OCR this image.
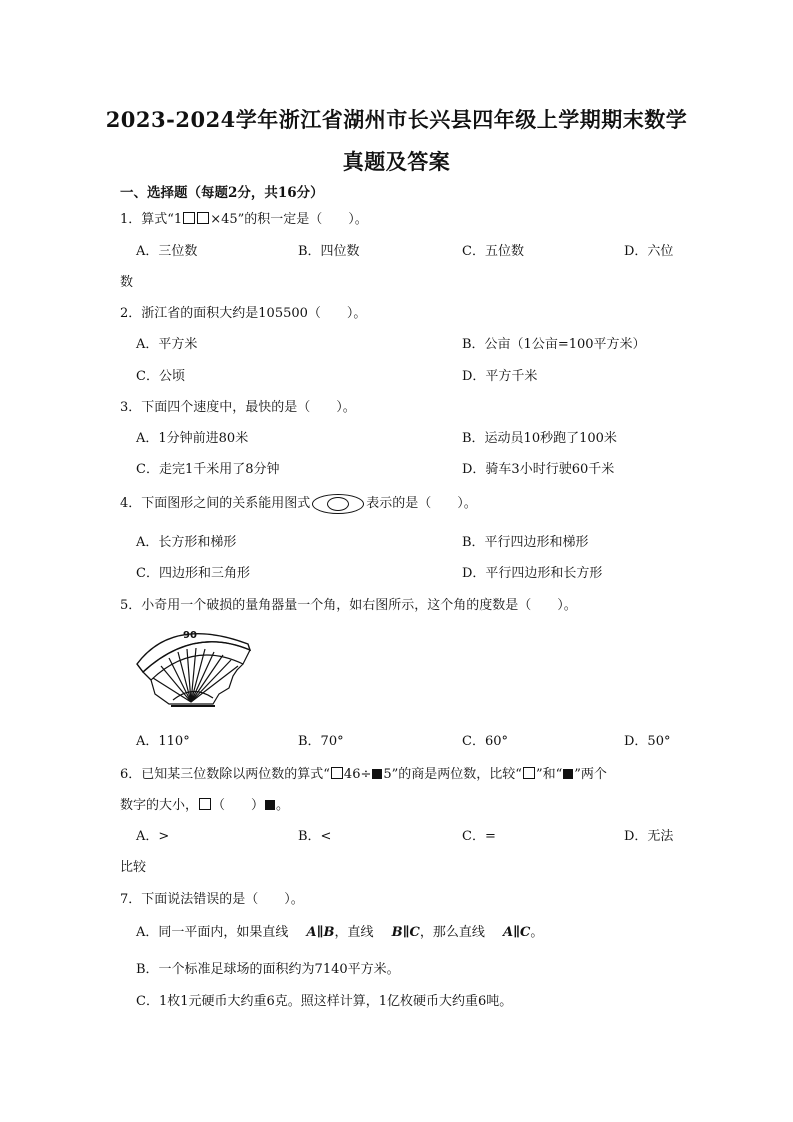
2023-2024学年浙江省湖州市长兴县四年级上学期期末数学
真题及答案
一、选择题（每题2分，共16分）
1．算式“1 ×45”的积一定是（　　）。
A．三位数	B．四位数	C．五位数	D．六位
数
2．浙江省的面积大约是105500（　　）。
A．平方米	B．公亩（1公亩=100平方米）
C．公顷	D．平方千米
3．下面四个速度中，最快的是（　　）。
A．1分钟前进80米	B．运动员10秒跑了100米
C．走完1千米用了8分钟	D．骑车3小时行驶60千米
4．下面图形之间的关系能用图式	表示的是（　　）。
A．长方形和梯形	B．平行四边形和梯形
C．四边形和三角形	D．平行四边形和长方形
5．小奇用一个破损的量角器量一个角，如右图所示，这个角的度数是（　　）。
90
A．110°	B．70°	C．60°	D．50°
6．已知某三位数除以两位数的算式“ 46÷ 5”的商是两位数，比较“ ”和“ ”两个
数字的大小， （　　） 。
A．>	B．<	C．=	D．无法
比较
7．下面说法错误的是（　　）。
A．同一平面内，如果直线 A∥B，直线 B∥C，那么直线 A∥C。
B．一个标准足球场的面积约为7140平方米。
C．1枚1元硬币大约重6克。照这样计算，1亿枚硬币大约重6吨。
